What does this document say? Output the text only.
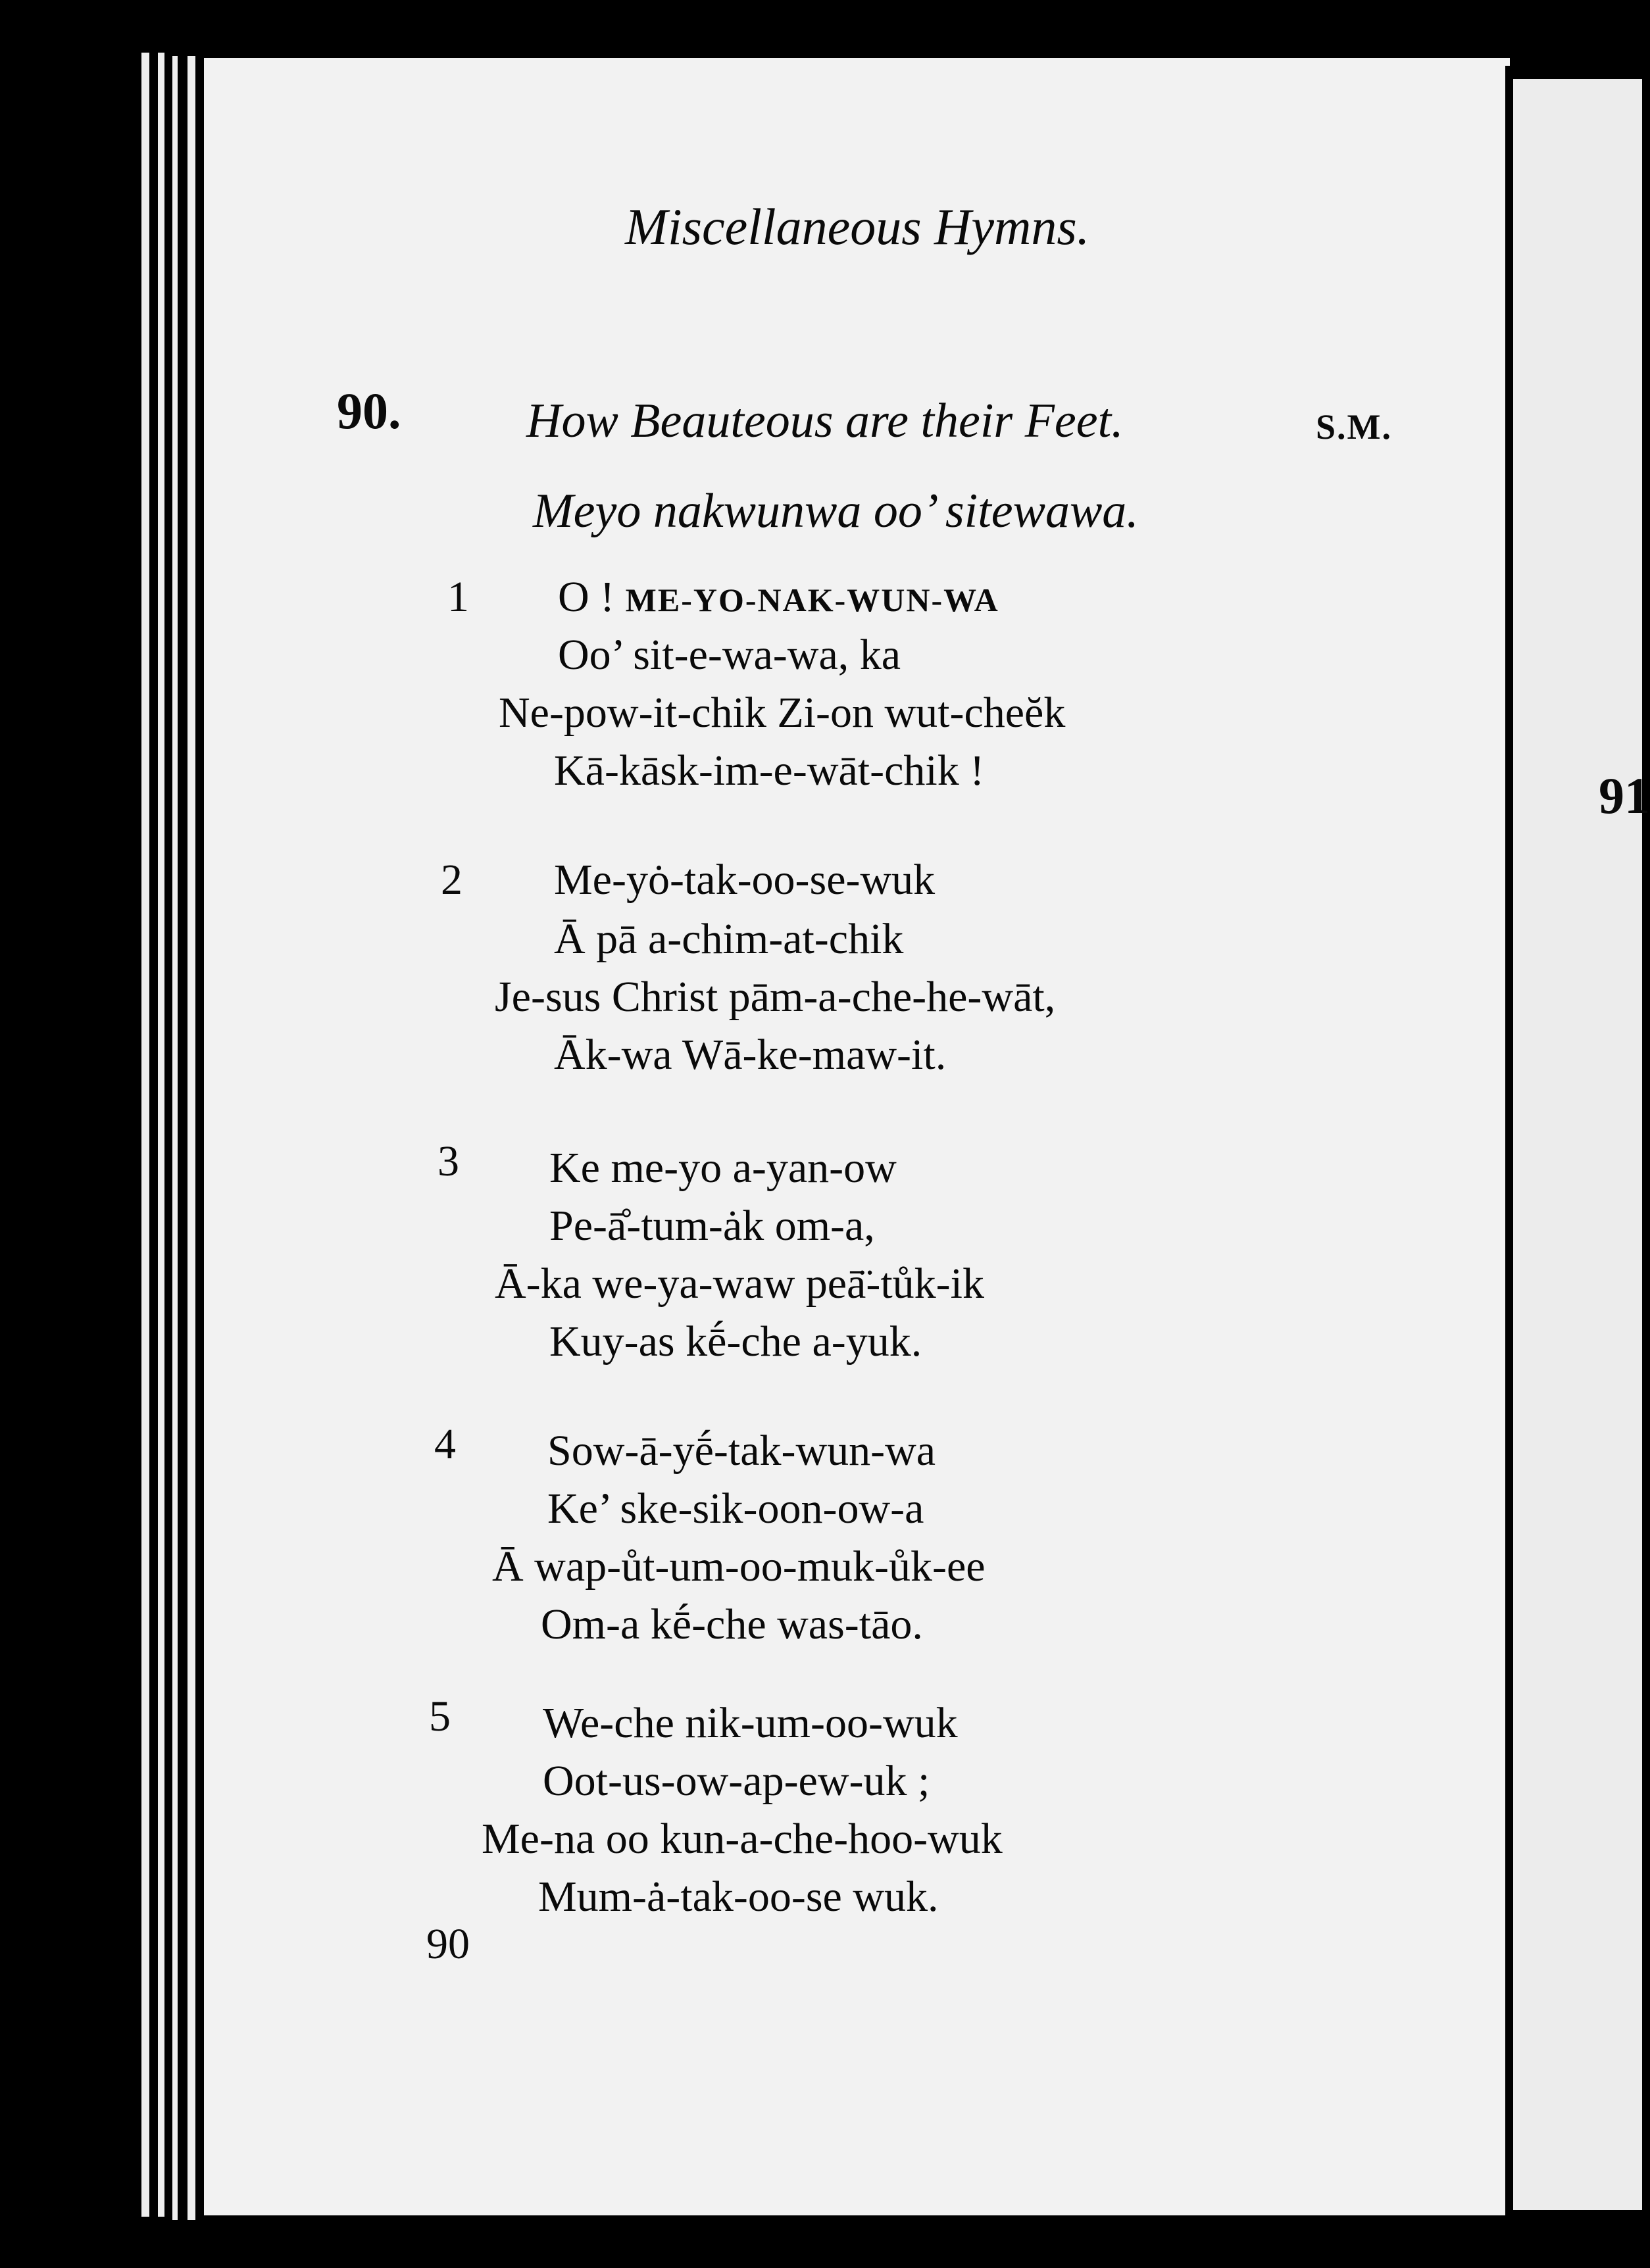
Miscellaneous Hymns.
90.	How Beauteous are their Feet.	S.M.
Meyo nakwunwa oo’ sitewawa.
1 O ! ME-YO-NAK-WUN-WA
Oo’ sit-e-wa-wa, ka
Ne-pow-it-chik Zi-on wut-cheĕk
Kā-kāsk-im-e-wāt-chik !
2 Me-yȯ-tak-oo-se-wuk
Ā pā a-chim-at-chik
Je-sus Christ pām-a-che-he-wāt,
Āk-wa Wā-ke-maw-it.
3 Ke me-yo a-yan-ow
Pe-ā̊-tum-ȧk om-a,
Ā-ka we-ya-waw peā̈-tůk-ik
Kuy-as kḗ-che a-yuk.
4 Sow-ā-yḗ-tak-wun-wa
Ke’ ske-sik-oon-ow-a
Ā wap-ůt-um-oo-muk-ůk-ee
Om-a kḗ-che was-tāo.
5 We-che nik-um-oo-wuk
Oot-us-ow-ap-ew-uk ;
Me-na oo kun-a-che-hoo-wuk
Mum-ȧ-tak-oo-se wuk.
90
91
